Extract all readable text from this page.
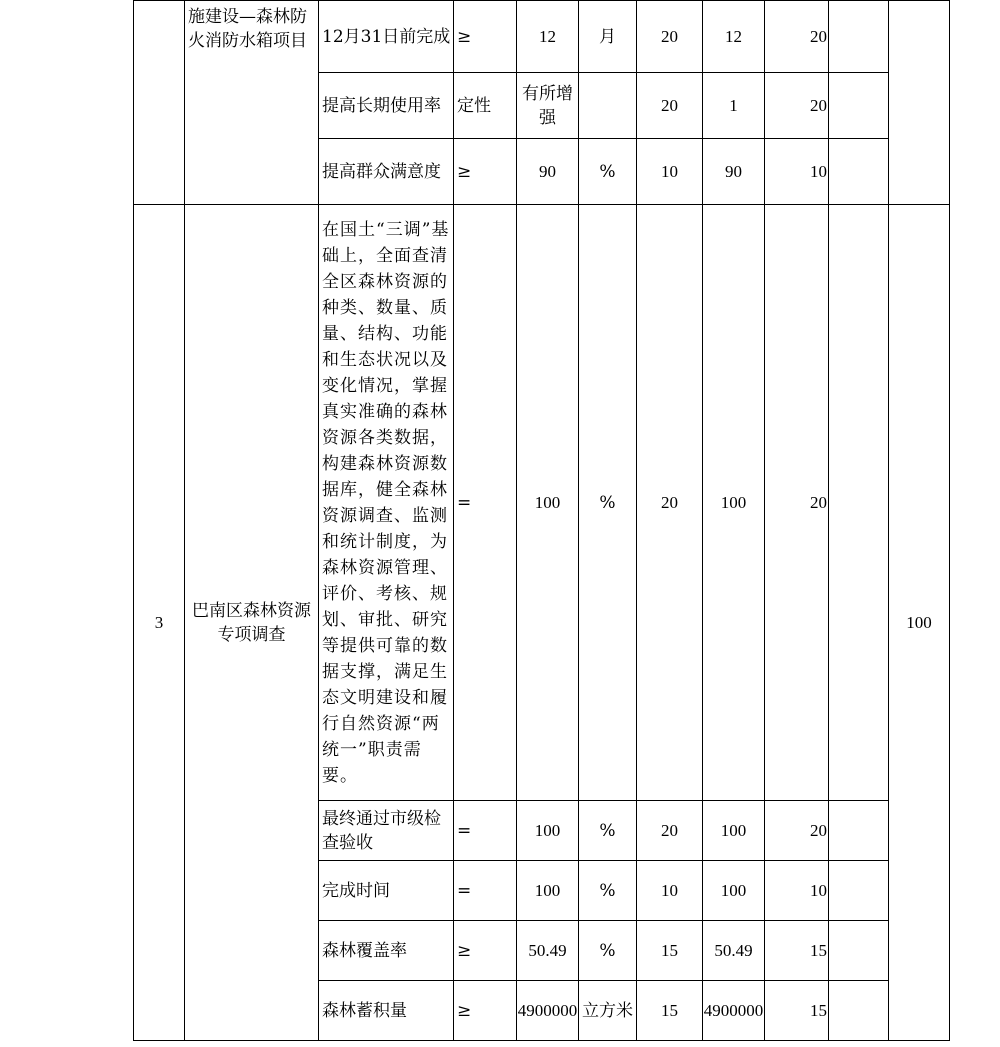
	施建设—森林防火消防水箱项目	12月31日前完成	≥	12	月	20	12	20		
		提高长期使用率	定性	有所增强		20	1	20		
		提高群众满意度	≥	90	%	10	90	10		
3	巴南区森林资源专项调查	在国土“三调”基础上，全面查清全区森林资源的种类、数量、质量、结构、功能和生态状况以及变化情况，掌握真实准确的森林资源各类数据，构建森林资源数据库，健全森林资源调查、监测和统计制度，为森林资源管理、评价、考核、规划、审批、研究等提供可靠的数据支撑，满足生态文明建设和履行自然资源“两统一”职责需要。	=	100	%	20	100	20		100
		最终通过市级检查验收	=	100	%	20	100	20		
		完成时间	=	100	%	10	100	10		
		森林覆盖率	≥	50.49	%	15	50.49	15		
		森林蓄积量	≥	4900000	立方米	15	4900000	15		
